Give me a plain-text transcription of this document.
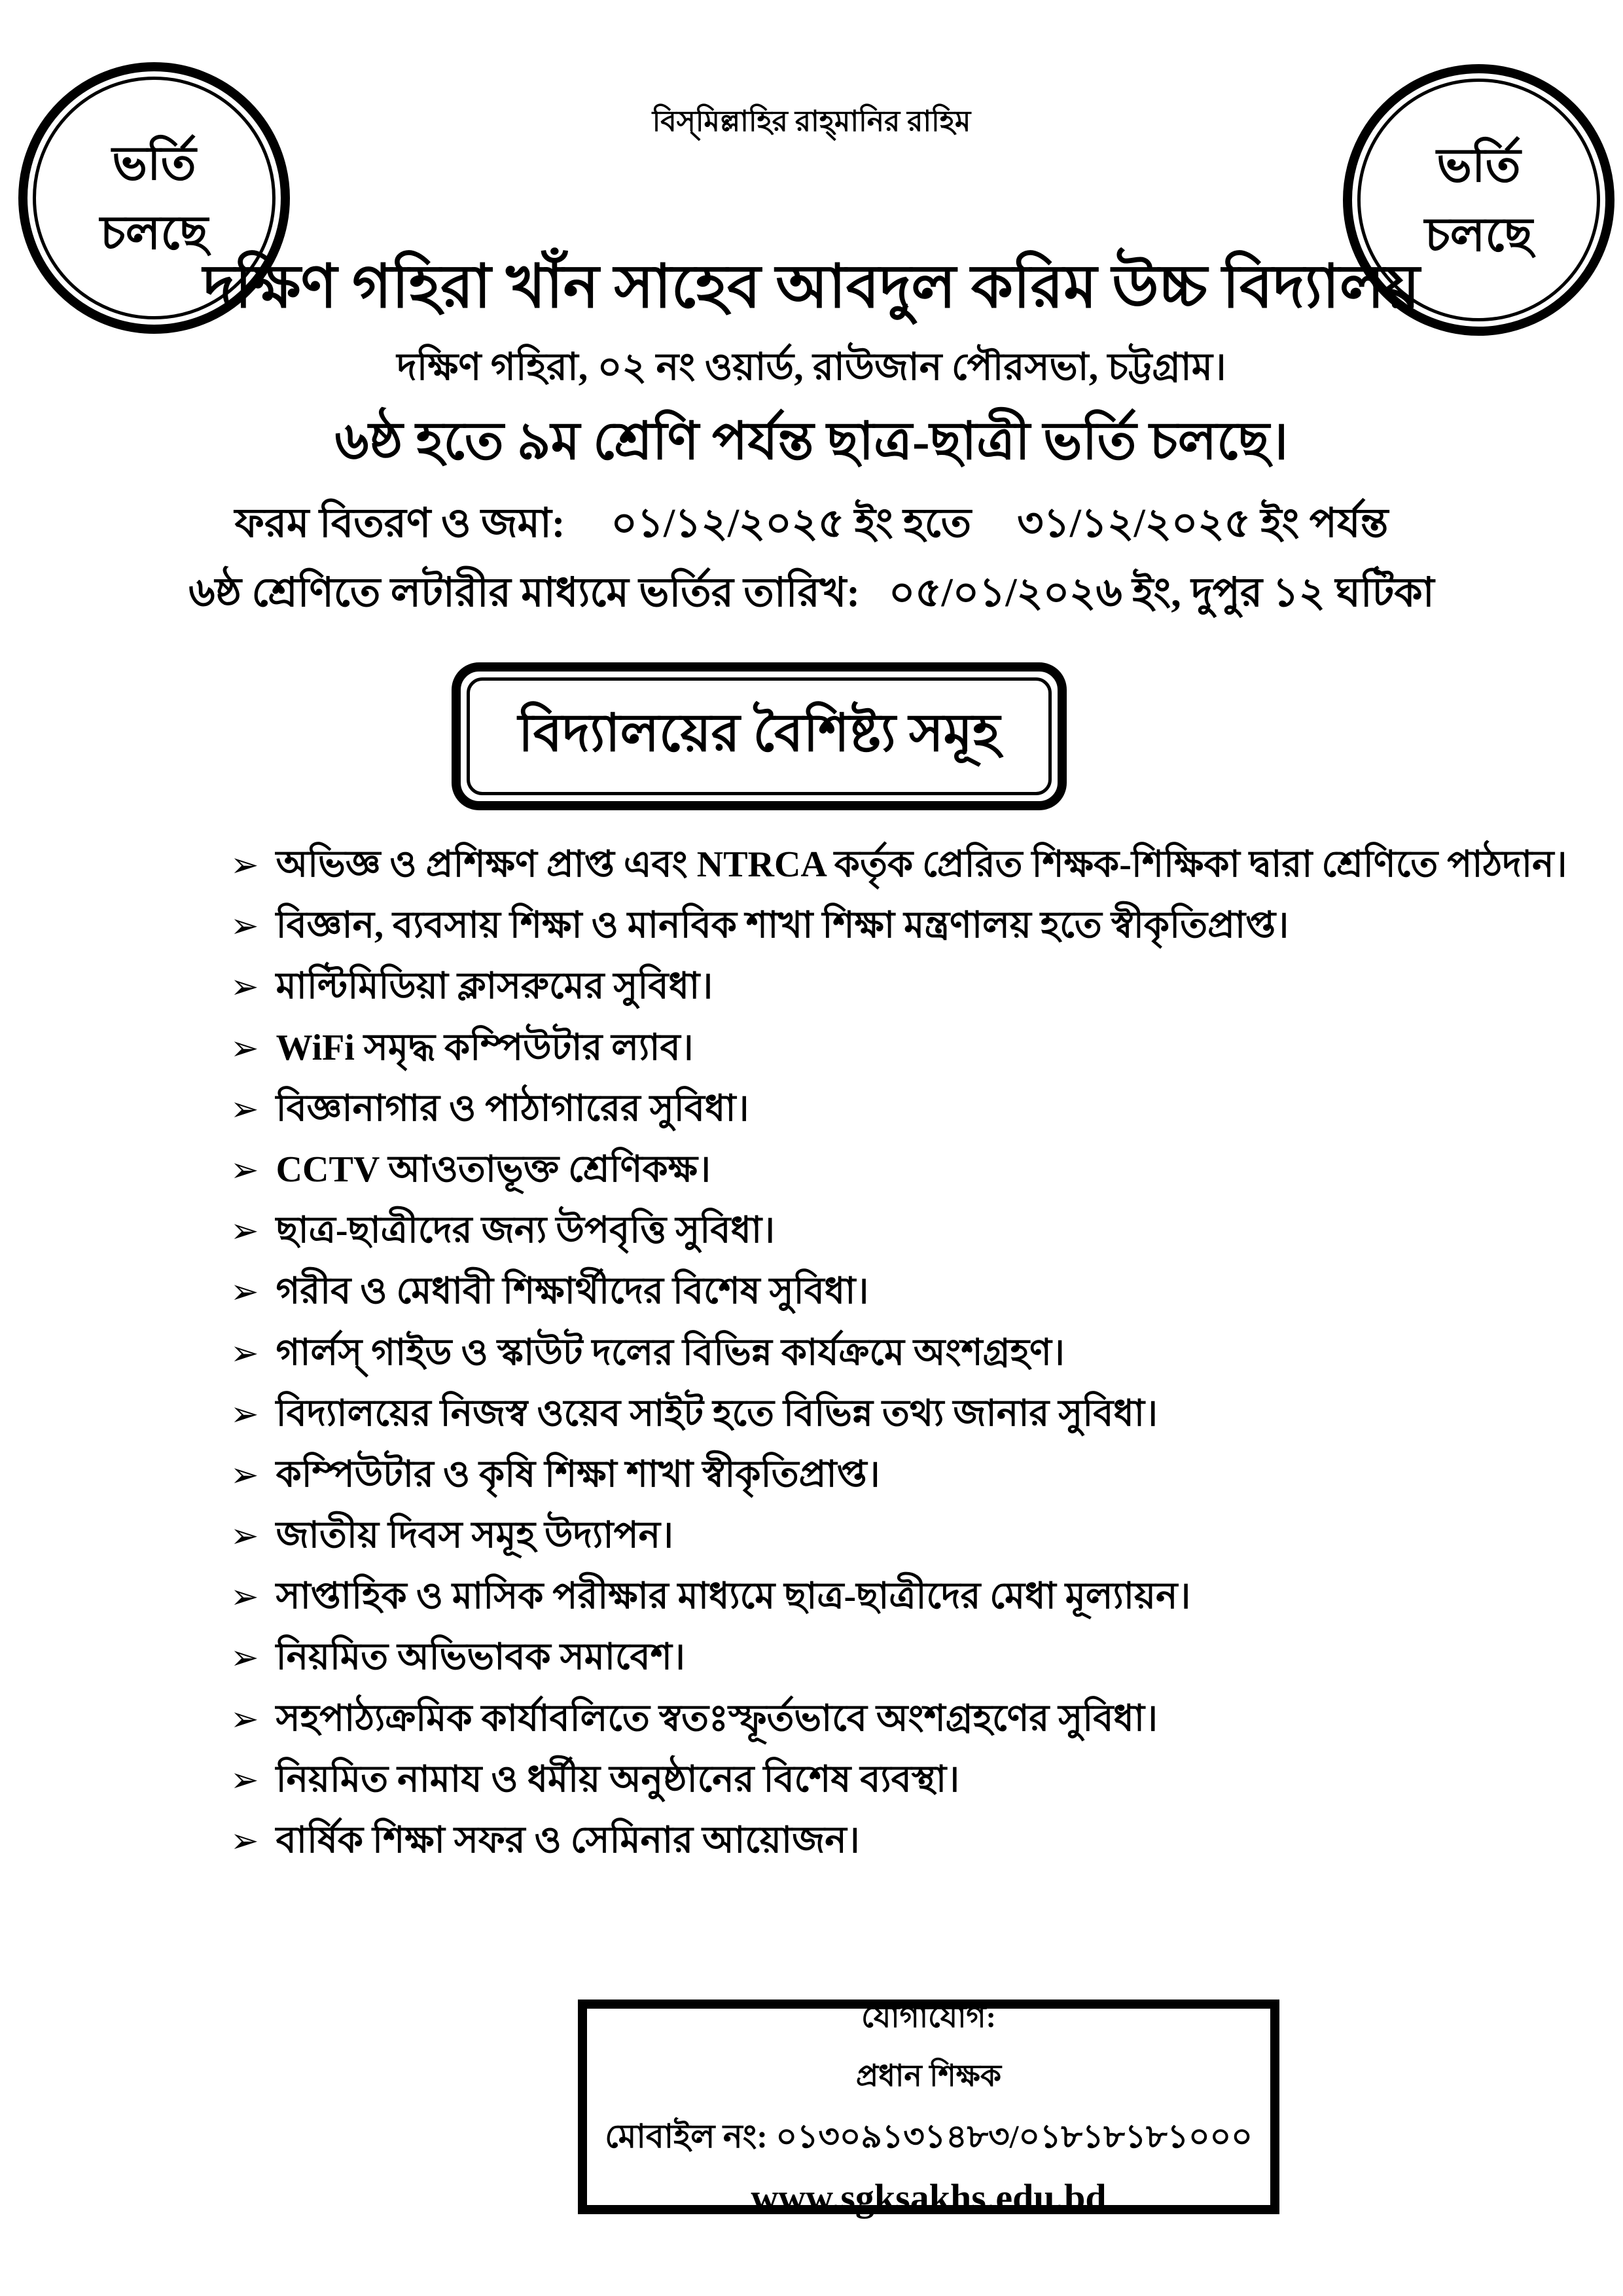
ভর্তি
চলছে
ভর্তি
চলছে
বিস্‌মিল্লাহির রাহ্‌মানির রাহিম
দক্ষিণ গহিরা খাঁন সাহেব আবদুল করিম উচ্চ বিদ্যালয়
দক্ষিণ গহিরা, ০২ নং ওয়ার্ড, রাউজান পৌরসভা, চট্টগ্রাম।
৬ষ্ঠ হতে ৯ম শ্রেণি পর্যন্ত ছাত্র-ছাত্রী ভর্তি চলছে।
ফরম বিতরণ ও জমা: ০১/১২/২০২৫ ইং হতে ৩১/১২/২০২৫ ইং পর্যন্ত
৬ষ্ঠ শ্রেণিতে লটারীর মাধ্যমে ভর্তির তারিখ: ০৫/০১/২০২৬ ইং, দুপুর ১২ ঘটিকা
বিদ্যালয়ের বৈশিষ্ট্য সমূহ
➢ অভিজ্ঞ ও প্রশিক্ষণ প্রাপ্ত এবং NTRCA কর্তৃক প্রেরিত শিক্ষক-শিক্ষিকা দ্বারা শ্রেণিতে পাঠদান।
➢ বিজ্ঞান, ব্যবসায় শিক্ষা ও মানবিক শাখা শিক্ষা মন্ত্রণালয় হতে স্বীকৃতিপ্রাপ্ত।
➢ মাল্টিমিডিয়া ক্লাসরুমের সুবিধা।
➢ WiFi সমৃদ্ধ কম্পিউটার ল্যাব।
➢ বিজ্ঞানাগার ও পাঠাগারের সুবিধা।
➢ CCTV আওতাভূক্ত শ্রেণিকক্ষ।
➢ ছাত্র-ছাত্রীদের জন্য উপবৃত্তি সুবিধা।
➢ গরীব ও মেধাবী শিক্ষার্থীদের বিশেষ সুবিধা।
➢ গার্লস্ গাইড ও স্কাউট দলের বিভিন্ন কার্যক্রমে অংশগ্রহণ।
➢ বিদ্যালয়ের নিজস্ব ওয়েব সাইট হতে বিভিন্ন তথ্য জানার সুবিধা।
➢ কম্পিউটার ও কৃষি শিক্ষা শাখা স্বীকৃতিপ্রাপ্ত।
➢ জাতীয় দিবস সমূহ উদ্যাপন।
➢ সাপ্তাহিক ও মাসিক পরীক্ষার মাধ্যমে ছাত্র-ছাত্রীদের মেধা মূল্যায়ন।
➢ নিয়মিত অভিভাবক সমাবেশ।
➢ সহপাঠ্যক্রমিক কার্যাবলিতে স্বতঃস্ফূর্তভাবে অংশগ্রহণের সুবিধা।
➢ নিয়মিত নামায ও ধর্মীয় অনুষ্ঠানের বিশেষ ব্যবস্থা।
➢ বার্ষিক শিক্ষা সফর ও সেমিনার আয়োজন।
যোগাযোগ:
প্রধান শিক্ষক
মোবাইল নং: ০১৩০৯১৩১৪৮৩/০১৮১৮১৮১০০০
www.sgksakhs.edu.bd
